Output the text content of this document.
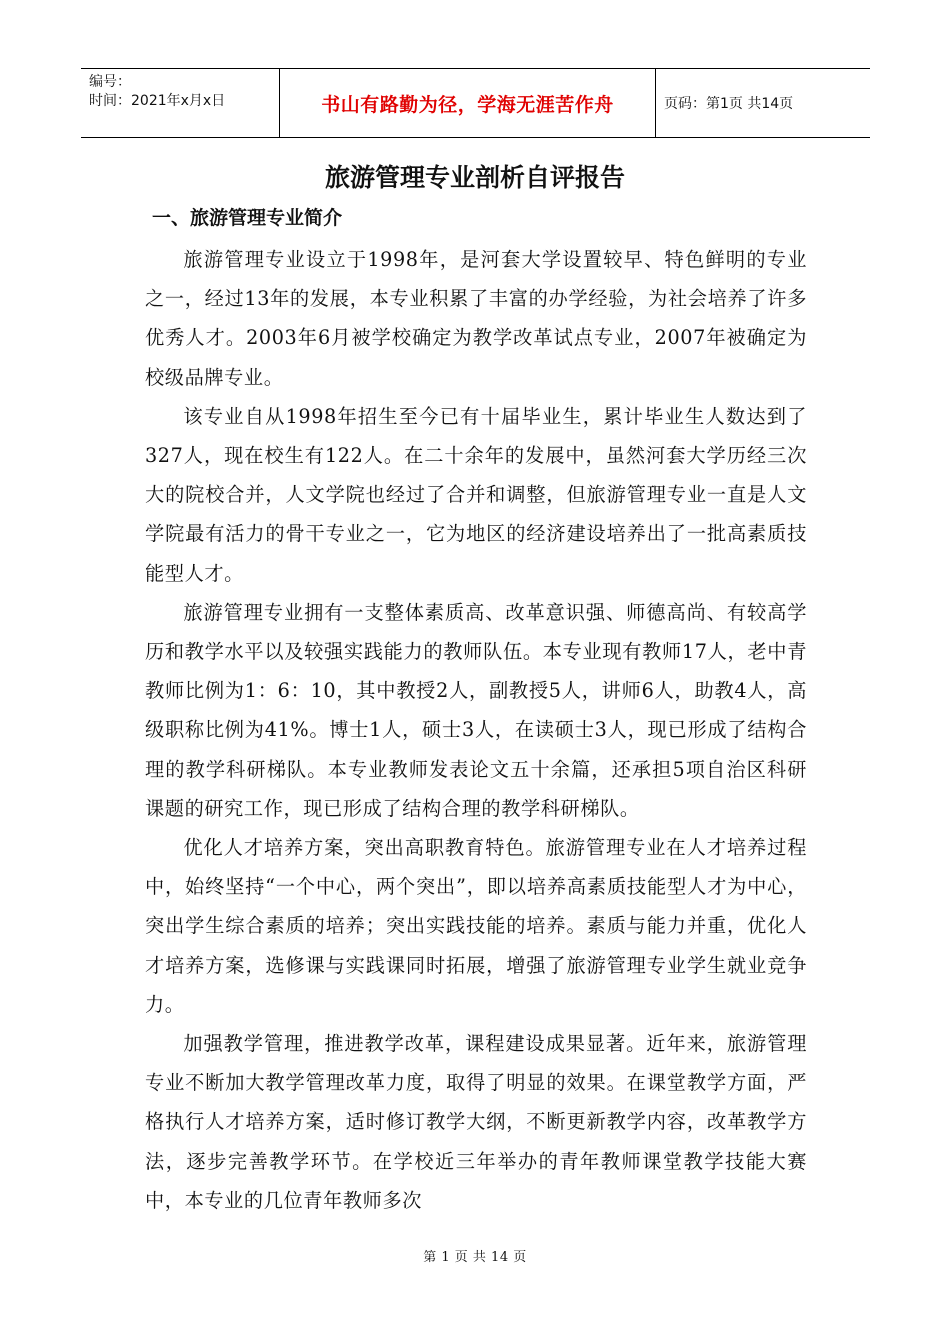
编号：
时间：2021年x月x日	书山有路勤为径，学海无涯苦作舟	页码：第1页 共14页
旅游管理专业剖析自评报告
一、旅游管理专业简介

旅游管理专业设立于1998年，是河套大学设置较早、特色鲜明的专业之一，经过13年的发展，本专业积累了丰富的办学经验，为社会培养了许多优秀人才。2003年6月被学校确定为教学改革试点专业，2007年被确定为校级品牌专业。

该专业自从1998年招生至今已有十届毕业生，累计毕业生人数达到了327人，现在校生有122人。在二十余年的发展中，虽然河套大学历经三次大的院校合并，人文学院也经过了合并和调整，但旅游管理专业一直是人文学院最有活力的骨干专业之一，它为地区的经济建设培养出了一批高素质技能型人才。

旅游管理专业拥有一支整体素质高、改革意识强、师德高尚、有较高学历和教学水平以及较强实践能力的教师队伍。本专业现有教师17人，老中青教师比例为1：6：10，其中教授2人，副教授5人，讲师6人，助教4人，高级职称比例为41%。博士1人，硕士3人，在读硕士3人，现已形成了结构合理的教学科研梯队。本专业教师发表论文五十余篇，还承担5项自治区科研课题的研究工作，现已形成了结构合理的教学科研梯队。

优化人才培养方案，突出高职教育特色。旅游管理专业在人才培养过程中，始终坚持“一个中心，两个突出”，即以培养高素质技能型人才为中心，突出学生综合素质的培养；突出实践技能的培养。素质与能力并重，优化人才培养方案，选修课与实践课同时拓展，增强了旅游管理专业学生就业竞争力。

加强教学管理，推进教学改革，课程建设成果显著。近年来，旅游管理专业不断加大教学管理改革力度，取得了明显的效果。在课堂教学方面，严格执行人才培养方案，适时修订教学大纲，不断更新教学内容，改革教学方法，逐步完善教学环节。在学校近三年举办的青年教师课堂教学技能大赛中，本专业的几位青年教师多次

第 1 页 共 14 页
